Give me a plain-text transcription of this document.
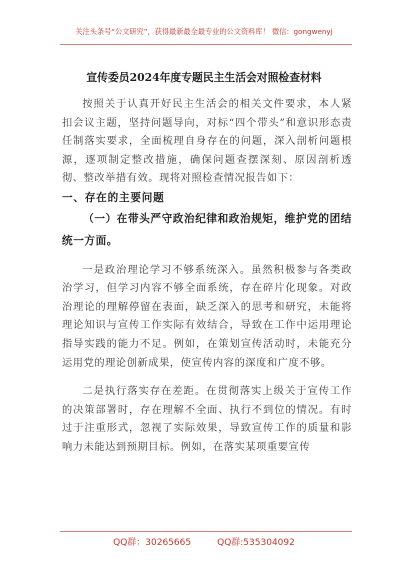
关注头条号“公文研究”，获得最新最全最专业的公文资料库！ 微信：gongwenyj
宣传委员2024年度专题民主生活会对照检查材料

按照关于认真开好民主生活会的相关文件要求，本人紧扣会议主题，坚持问题导向，对标“四个带头”和意识形态责任制落实要求，全面梳理自身存在的问题，深入剖析问题根源，逐项制定整改措施，确保问题查摆深刻、原因剖析透彻、整改举措有效。现将对照检查情况报告如下：

一、存在的主要问题

（一）在带头严守政治纪律和政治规矩，维护党的团结统一方面。

一是政治理论学习不够系统深入。虽然积极参与各类政治学习，但学习内容不够全面系统，存在碎片化现象。对政治理论的理解停留在表面，缺乏深入的思考和研究，未能将理论知识与宣传工作实际有效结合，导致在工作中运用理论指导实践的能力不足。例如，在策划宣传活动时，未能充分运用党的理论创新成果，使宣传内容的深度和广度不够。

二是执行落实存在差距。在贯彻落实上级关于宣传工作的决策部署时，存在理解不全面、执行不到位的情况。有时过于注重形式，忽视了实际效果，导致宣传工作的质量和影响力未能达到预期目标。例如，在落实某项重要宣传

QQ群：30265665	QQ群:535304092
